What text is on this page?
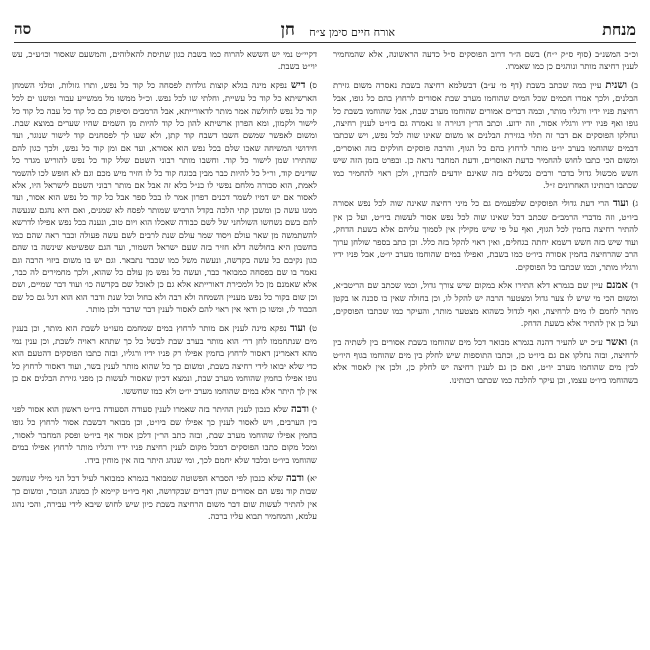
מנחת
אורח חיים סימן צ״ח
חן
סה

דקיי״ט נמי יש חששא להרוח כמו בשבת כגון שתיסת להאלוהים, והמשעם שאסור וכו׳ע״כ, עש יוי״ט בשבת.

ס) דיש נפקא מינה בגלא קוצות גולדות לפסחה כל קוד כל נפש, ותרו גזולות, ומלני השמחן הארשיתא כל קוד כל עשיית, וחלתי שו לכל נפש. וכ״ל ממשו מל ממשייע עבור ומשנו ים לכל קוד כל נפש לחולשה אמר מותר לדאורייתא, אבל הרמבים וסיפוק כם כל קוד כל עבה כל קוד כל לישור ולקמון, ומא הפרון ארשיתא להון כל קוד להיות מן השמים שהיו שערים במוצא שבת. ומשום לאפשר שמשם חשבו דשבח קוד קתן, ולא שעו לך לפסחנים קוד לישור שנוגר, ועד חידושי המשיחה שאכו שלם בכל נפש הוא אסורא, ועד אם ומן קוד כל נפש, ולכך כגון להם שהתירו שמן לישור כל קוד. וחשבו מותר רבוני השטם שלל קוד כל נפש להוריש מגדר כל שדינים קוד, ור״ל כל להיות כבר מבין בכוגח קוד כל לו חזיר מיש מכם וגם לא חופש לכו להשמר לאמת, הוא סבורה מלחם נפשי לו כנ״ל בלא זה אבל אם מותר רבוני השטם לישראל היו, אלא לאסור אם יש דמיו לשמר דכנים דפרון אמר לו בכל ספר אבל כל קוד כל נפש הוא אסור, ועד ממנו עשה כן ומשכן קתי הלכה בקדל הרביש שמותר לפסח לא שמנים, ואם היא נהגם שנעשה להם בשם נשחשו השולחני של לשם כבודה שאכלו הוא ויום טוב, ונענה בכל נפש אפילו לדרשא להשתמשה מן שאר עולם ויסוד שמר עולם שנת לרבים לשם עשה פעולה וכבר ראה שהם כמו בחשבון היא בחולשה דלא חזיר בזה שעם ישראל השמור, ועד הגם שפשיטא שינשה בו שהם כגון נקיבם כל עשה בקדשה, ונעשה משל כמו שכבר נתבאר. וגם יש בו משום ביזוי הרבה וגם נאמר בו שם בפסחה כמבואר כבר, ועשה כל נפש מן עולם כל שהוא, ולכך מחמירים לה כבר, אלא שאמנם מן כל ולמכירת דאורייתא אלא גם כן לאוכל שם בקדשה כו׳ ועוד דבר שמיים, ושם וכן שום בקור כל נפש מעניין השמחה ולא רבה ולא בחול וכל שנת ודבר הוא הוא דגל גם כל שם הכבוד לו, ומשו כן ודאי אין ראוי להם לאסור לענין דבר שדבר ולכן מותר.

ט) ועוד נפקא מינה לענין אם מותר לרחוץ במים שמחמם מעו״ט לשבת הוא מותר, וכן בענין מים שנתחממו לחן דר׳ הוא מותר בערב שבת לבשל כל כך שתהא ראויה לשבת, וכן ענין נמי מהא דאמרינן דאסור לרחוץ בחמין אפילו רק פניו ידיו ורגליו, ובזה כתבו הפוסקים דהטעם הוא כדי שלא יבואו לידי רחיצה בשבת, ומשום כך כל שהוא מותר לענין בשר, ועוד דאסור לרחוץ כל גופו אפילו בחמין שהוחמו מערב שבת, ונמצא דכיון שאסור לעשות כן מפני גזירת הבלנים אם כן אין לך היתר אלא במים שהוחמו מערב יו״ט ולא כמו שחששו.

י) ודבה שלא כנכון לענין ההיתר בזה שאמרו לענין סעודה הסעודה ביו״ט ראשון הוא אסור לפני בין הערבים, ויש לאסור לענין כך אפילו שם ביו״ט, וכן מבואר דבשבת אסור לרחוץ כל גופו בחמין אפילו שהוחמו מערב שבת, ובזה כתב הר״ן דלכן אסור אף ביו״ט ופסק המחבר לאסור, ומכל מקום כתבו הפוסקים דמכל מקום לענין רחיצת פניו ידיו ורגליו מותר לרחוץ אפילו במים שהוחמו ביו״ט ובלבד שלא יחמם לכך, ומי שנהג היתר בזה אין מוחין בידו.

יא) ודבה שלא כנכון לפי הסברא הפשוטה שמבואר בגמרא כמבואר לעיל דכל הני מילי שנחשב שבות קוד נפש הם אסורים שהן דברים שבקדושה, ואף ביו״ט קיימא לן כמנהג הנזכר, ומשום כך אין להתיר לעשות שום דבר משום הרחיצה בשבת כיון שיש לחוש שיבא לידי עבירה, והכי נהוג עלמא, והמחמיר תבוא עליו ברכה.

וכ״כ המשנ״ב (סוף ס״ק י״ח) בשם ה״ר דרוב הפוסקים ס״ל כדעה הראשונה, אלא שהמחמיר לענין רחיצה מותר ונוהגים כן כמו שאמרו.

ב) ושנית עיין במה שכתב בשבת (דף מ׳ ע״ב) דבשלמא רחיצה בשבת נאסרה משום גזירת הבלנים, ולכך אמרו חכמים שכל המים שהוחמו מערב שבת אסורים לרחוץ בהם כל גופו, אבל רחיצת פניו ידיו ורגליו מותר, ובמה דברים אמורים שהוחמו מערב שבת, אבל שהוחמו בשבת כל גופו ואף פניו ידיו ורגליו אסור, וזה ידוע. וכתב הר״ן דגזירה זו נאמרה גם ביו״ט לענין רחיצה, ונחלקו הפוסקים אם דבר זה תלוי בגזירת הבלנים או משום שאינו שוה לכל נפש, ויש שכתבו דבמים שהוחמו בערב יו״ט מותר לרחוץ בהם כל הגוף, והרבה פוסקים חולקים בזה ואוסרים, ומשום הכי כתבו לחוש להחמיר כדעת האוסרים, ודעת המחבר נראה כן. ובפרט בזמן הזה שיש חשש מכשול גדול בדבר ורבים נכשלים בזה שאינם יודעים להבחין, ולכן ראוי להחמיר כמו שכתבו רבותינו האחרונים ז״ל.

ג) ועוד הרי דעת גדולי הפוסקים שלפעמים גם כל מיני רחיצה שאינה שוה לכל נפש אסורה ביו״ט, וזה מדברי הרמב״ם שכתב דכל שאינו שוה לכל נפש אסור לעשות ביו״ט, ועל כן אין להתיר רחיצה בחמין לכל הגוף, ואף על פי שיש מקילין אין לסמוך עליהם אלא בשעת הדחק, ועוד שיש בזה חשש דשמא יחתה בגחלים, ואין ראוי להקל בזה כלל. וכן כתב בספר שולחן ערוך הרב שהרחיצה בחמין אסורה ביו״ט כמו בשבת, ואפילו במים שהוחמו מערב יו״ט, אבל פניו ידיו ורגליו מותר, וכמו שכתבו כל הפוסקים.

ד) אמנם עיין שם בגמרא דלא התירו אלא במקום שיש צורך גדול, וכמו שכתב שם הריטב״א, ומשום הכי מי שיש לו צער גדול ומצטער הרבה יש להקל לו, וכן בחולה שאין בו סכנה או בקטן מותר לחמם לו מים לרחיצה, ואף לגדול כשהוא מצטער מותר, והעיקר כמו שכתבו הפוסקים, ועל כן אין להתיר אלא בשעת הדחק.

ה) ואשר ע״כ יש להעיר דהנה בגמרא מבואר דכל מים שהוחמו בשבת אסורים בין לשתיה בין לרחיצה, ובזה נחלקו אם גם ביו״ט כן, וכתבו התוספות שיש לחלק בין מים שהוחמו בגוף היו״ט לבין מים שהוחמו מערב יו״ט, ואם כן גם לענין רחיצה יש לחלק כן, ולכן אין לאסור אלא בשהוחמו ביו״ט עצמו, וכן עיקר להלכה כמו שכתבו רבותינו.
